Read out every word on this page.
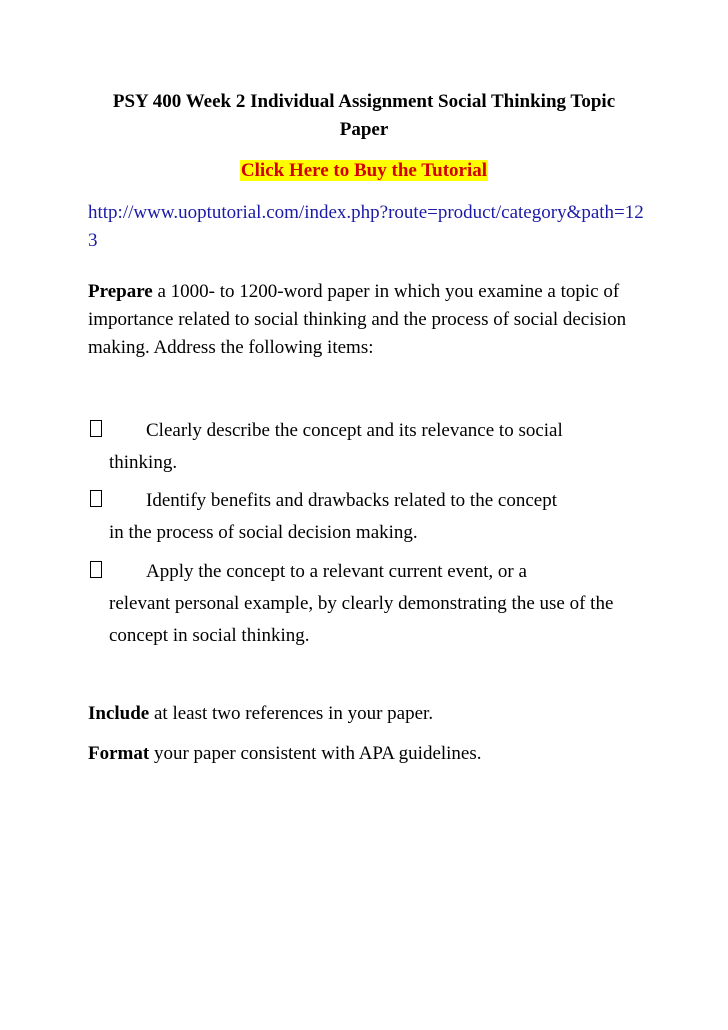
PSY 400 Week 2 Individual Assignment Social Thinking Topic Paper
Click Here to Buy the Tutorial
http://www.uoptutorial.com/index.php?route=product/category&path=123

Prepare a 1000- to 1200-word paper in which you examine a topic of importance related to social thinking and the process of social decision making. Address the following items:

Clearly describe the concept and its relevance to social
thinking.
Identify benefits and drawbacks related to the concept
in the process of social decision making.
Apply the concept to a relevant current event, or a
relevant personal example, by clearly demonstrating the use of the concept in social thinking.

Include at least two references in your paper.

Format your paper consistent with APA guidelines.
